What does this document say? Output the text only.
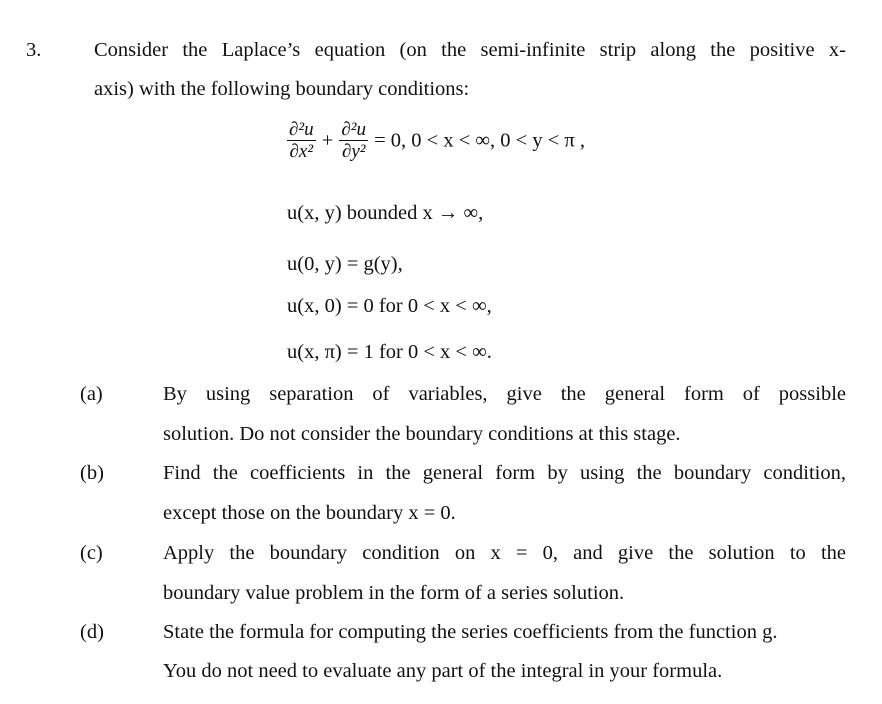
3.	Consider the Laplace’s equation (on the semi-infinite strip along the positive x-
axis) with the following boundary conditions:
$\frac{\text{∂²u}}{\text{∂x²}} + \frac{\text{∂²u}}{\text{∂y²}} = 0$, 0 < x < ∞, 0 < y < π ,
u(x, y) bounded x → ∞,
u(0, y) = g(y),
u(x, 0) = 0 for 0 < x < ∞,
u(x, π) = 1 for 0 < x < ∞.
(a)	By using separation of variables, give the general form of possible
solution. Do not consider the boundary conditions at this stage.
(b)	Find the coefficients in the general form by using the boundary condition,
except those on the boundary x = 0.
(c)	Apply the boundary condition on x = 0, and give the solution to the
boundary value problem in the form of a series solution.
(d)	State the formula for computing the series coefficients from the function g.
You do not need to evaluate any part of the integral in your formula.
